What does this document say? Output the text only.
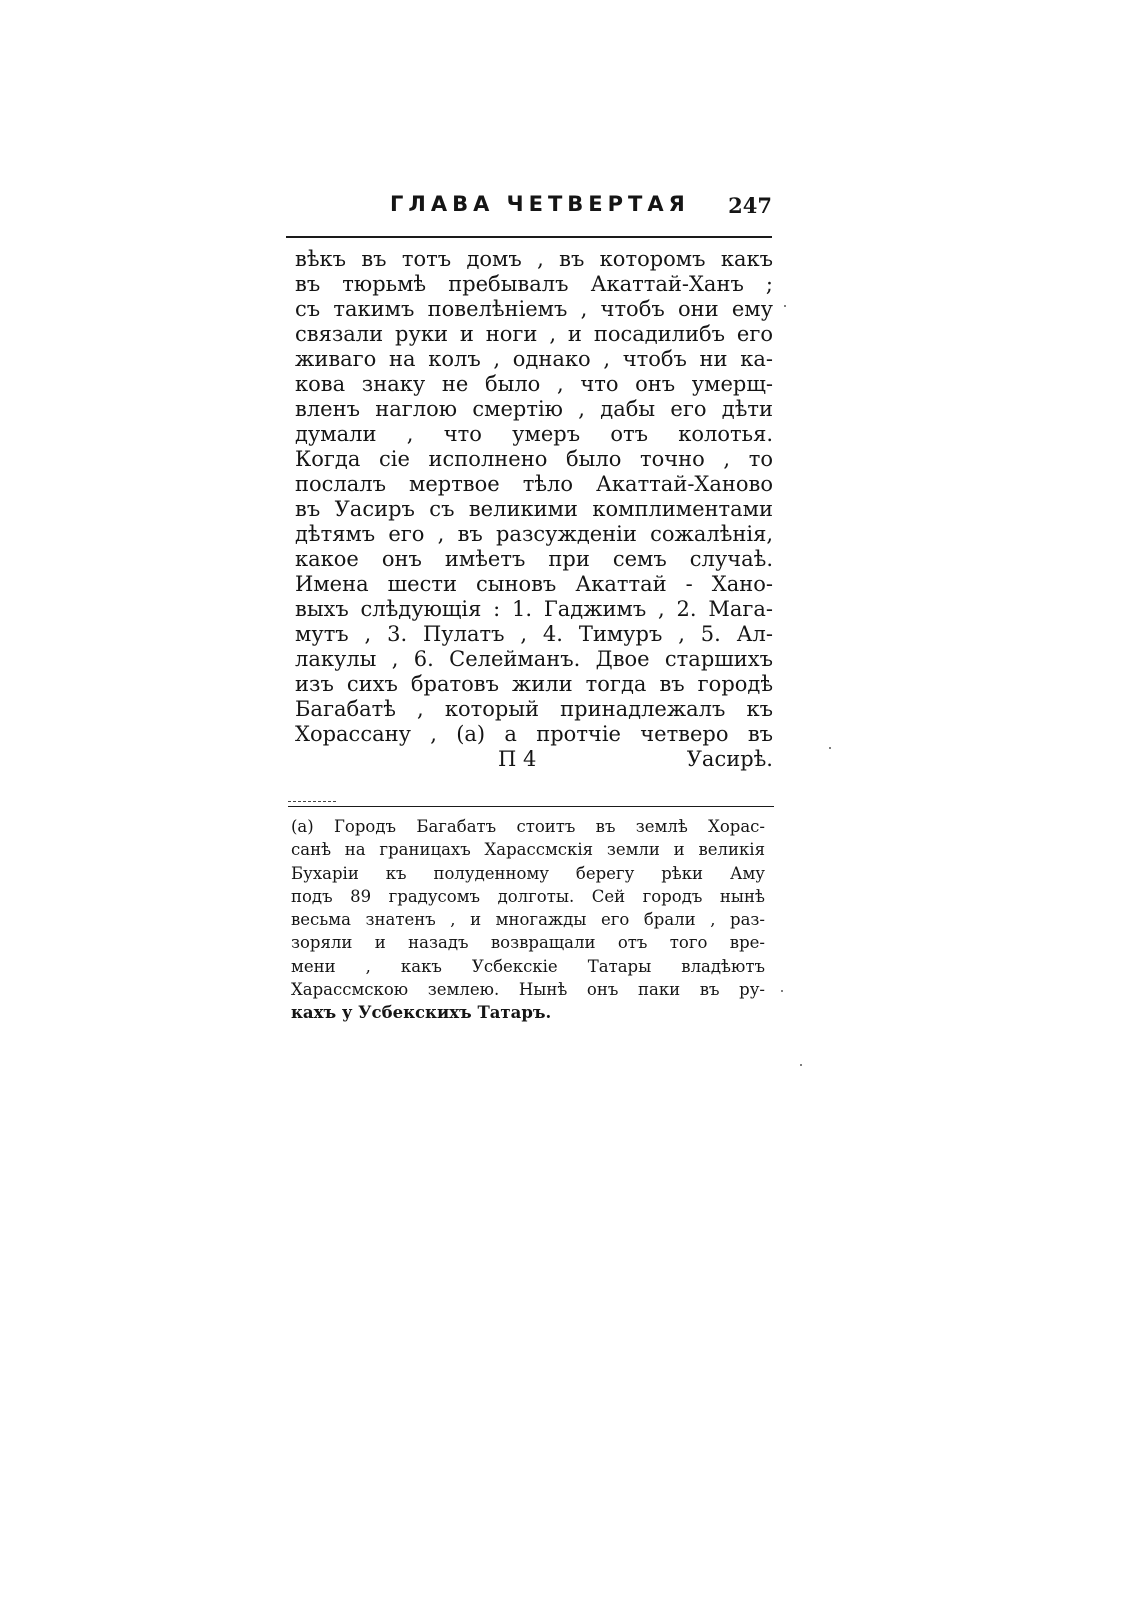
ГЛАВА ЧЕТВЕРТАЯ 247
вѣкъ въ тотъ домъ , въ которомъ какъ
въ тюрьмѣ пребывалъ Акаттай-Ханъ ;
съ такимъ повелѣніемъ , чтобъ они ему
связали руки и ноги , и посадилибъ его
живаго на колъ , однако , чтобъ ни ка-
кова знаку не было , что онъ умерщ-
вленъ наглою смертію , дабы его дѣти
думали , что умеръ отъ колотья.
Когда сіе исполнено было точно , то
послалъ мертвое тѣло Акаттай-Ханово
въ Уасиръ съ великими комплиментами
дѣтямъ его , въ разсужденіи сожалѣнія,
какое онъ имѣетъ при семъ случаѣ.
Имена шести сыновъ Акаттай - Хано-
выхъ слѣдующія : 1. Гаджимъ , 2. Мага-
мутъ , 3. Пулатъ , 4. Тимуръ , 5. Ал-
лакулы , 6. Селейманъ. Двое старшихъ
изъ сихъ братовъ жили тогда въ городѣ
Багабатѣ , который принадлежалъ къ
Хорассану , (а) а протчіе четверо въ
П 4	Уасирѣ.
(а) Городъ Багабатъ стоитъ въ землѣ Хорас-
санѣ на границахъ Харассмскія земли и великія
Бухаріи къ полуденному берегу рѣки Аму
подъ 89 градусомъ долготы. Сей городъ нынѣ
весьма знатенъ , и многажды его брали , раз-
зоряли и назадъ возвращали отъ того вре-
мени , какъ Усбекскіе Татары владѣютъ
Харассмскою землею. Нынѣ онъ паки въ ру-
кахъ у Усбекскихъ Татаръ.
